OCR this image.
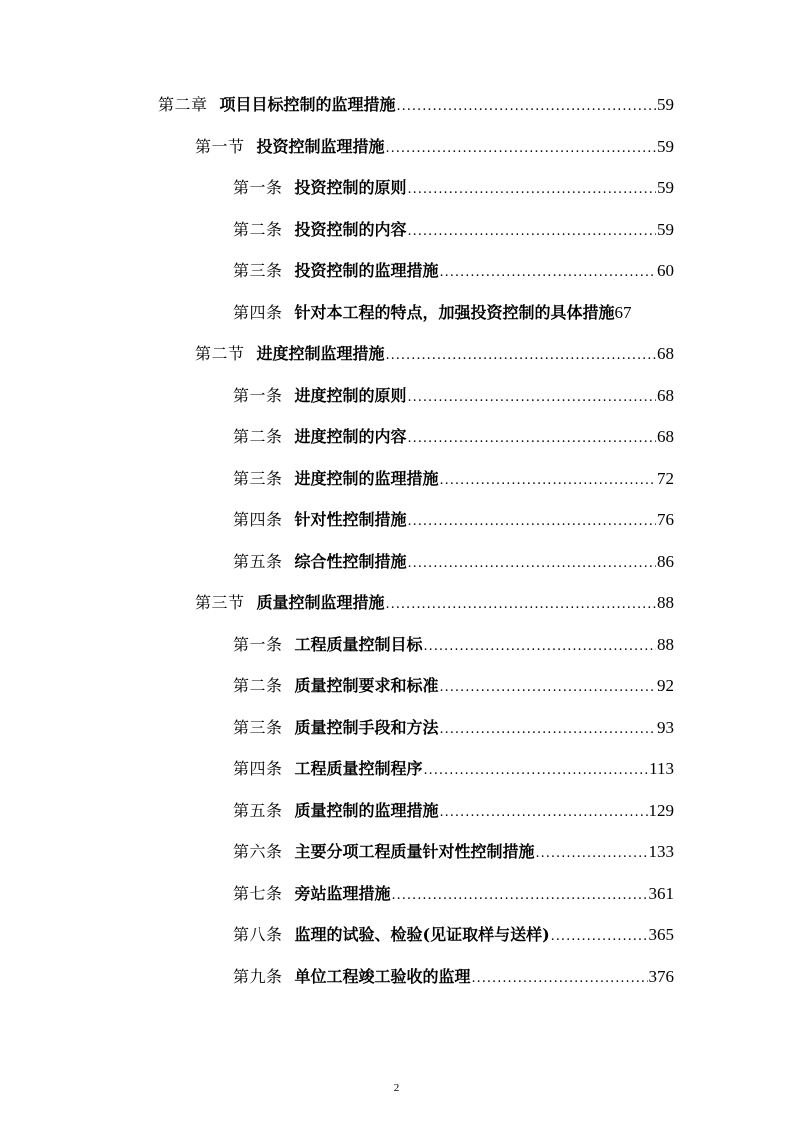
第二章 项目目标控制的监理措施 .....	59
第一节 投资控制监理措施 .....	59
第一条 投资控制的原则 .....	59
第二条 投资控制的内容 .....	59
第三条 投资控制的监理措施 .....	60
第四条 针对本工程的特点，加强投资控制的具体措施 67
第二节 进度控制监理措施 .....	68
第一条 进度控制的原则 .....	68
第二条 进度控制的内容 .....	68
第三条 进度控制的监理措施 .....	72
第四条 针对性控制措施 .....	76
第五条 综合性控制措施 .....	86
第三节 质量控制监理措施 .....	88
第一条 工程质量控制目标 .....	88
第二条 质量控制要求和标准 .....	92
第三条 质量控制手段和方法 .....	93
第四条 工程质量控制程序 .....	113
第五条 质量控制的监理措施 .....	129
第六条 主要分项工程质量针对性控制措施 .....	133
第七条 旁站监理措施 .....	361
第八条 监理的试验、检验(见证取样与送样) .....	365
第九条 单位工程竣工验收的监理 .....	376
2
